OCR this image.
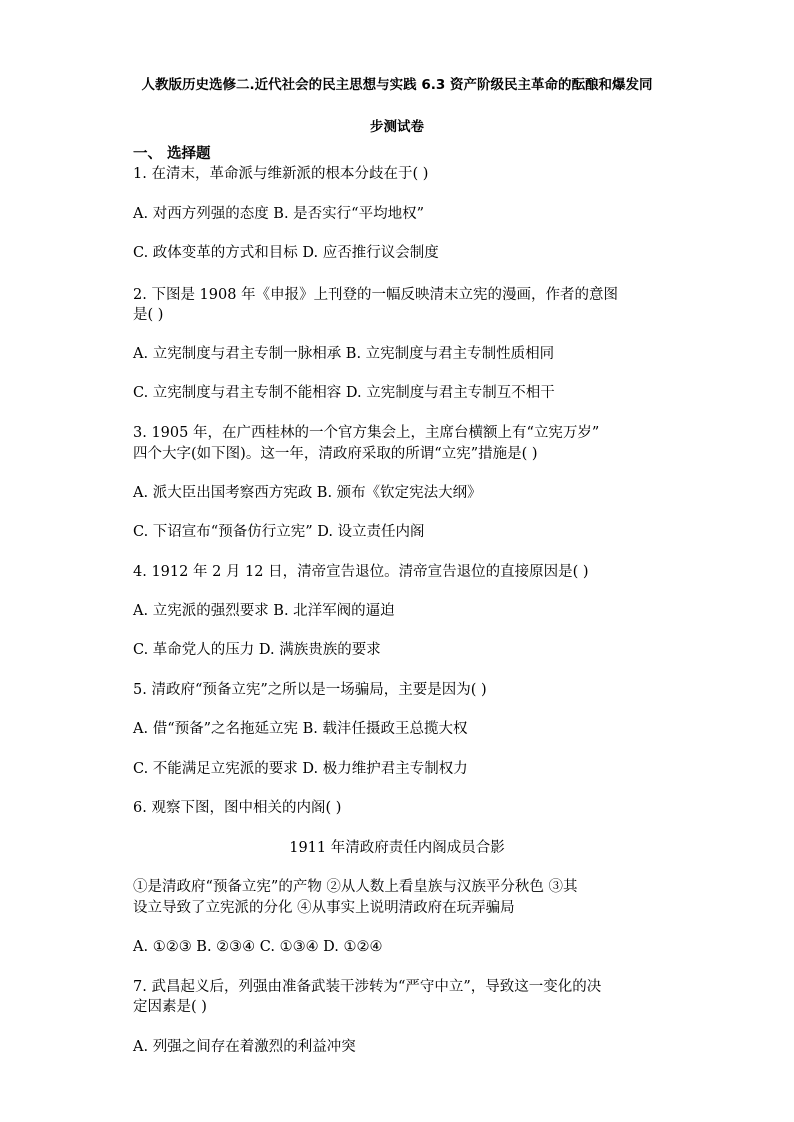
人教版历史选修二.近代社会的民主思想与实践 6.3 资产阶级民主革命的酝酿和爆发同
步测试卷
一、 选择题
1. 在清末，革命派与维新派的根本分歧在于( )
A. 对西方列强的态度 B. 是否实行“平均地权”
C. 政体变革的方式和目标 D. 应否推行议会制度
2. 下图是 1908 年《申报》上刊登的一幅反映清末立宪的漫画，作者的意图
是( )
A. 立宪制度与君主专制一脉相承 B. 立宪制度与君主专制性质相同
C. 立宪制度与君主专制不能相容 D. 立宪制度与君主专制互不相干
3. 1905 年，在广西桂林的一个官方集会上，主席台横额上有“立宪万岁”
四个大字(如下图)。这一年，清政府采取的所谓“立宪”措施是( )
A. 派大臣出国考察西方宪政 B. 颁布《钦定宪法大纲》
C. 下诏宣布“预备仿行立宪” D. 设立责任内阁
4. 1912 年 2 月 12 日，清帝宣告退位。清帝宣告退位的直接原因是( )
A. 立宪派的强烈要求 B. 北洋军阀的逼迫
C. 革命党人的压力 D. 满族贵族的要求
5. 清政府“预备立宪”之所以是一场骗局，主要是因为( )
A. 借“预备”之名拖延立宪 B. 载沣任摄政王总揽大权
C. 不能满足立宪派的要求 D. 极力维护君主专制权力
6. 观察下图，图中相关的内阁( )
1911 年清政府责任内阁成员合影
①是清政府“预备立宪”的产物 ②从人数上看皇族与汉族平分秋色 ③其
设立导致了立宪派的分化 ④从事实上说明清政府在玩弄骗局
A. ①②③ B. ②③④ C. ①③④ D. ①②④
7. 武昌起义后，列强由准备武装干涉转为“严守中立”，导致这一变化的决
定因素是( )
A. 列强之间存在着激烈的利益冲突
